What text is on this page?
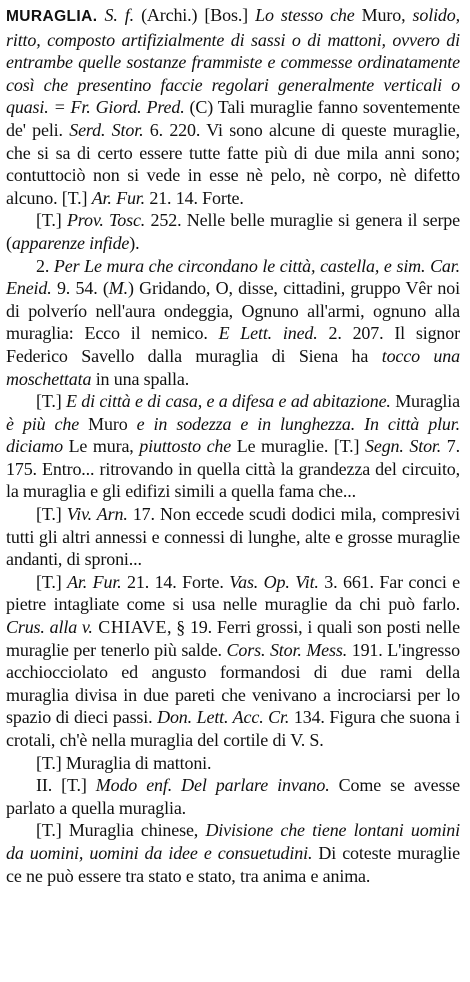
MURAGLIA. S. f. (Archi.) [Bos.] Lo stesso che Muro, solido, ritto, composto artifizialmente di sassi o di mattoni, ovvero di entrambe quelle sostanze frammiste e commesse ordinatamente così che presentino faccie regolari generalmente verticali o quasi. = Fr. Giord. Pred. (C) Tali muraglie fanno soventemente de' peli. Serd. Stor. 6. 220. Vi sono alcune di queste muraglie, che si sa di certo essere tutte fatte più di due mila anni sono; contuttociò non si vede in esse nè pelo, nè corpo, nè difetto alcuno. [T.] Ar. Fur. 21. 14. Forte.

[T.] Prov. Tosc. 252. Nelle belle muraglie si genera il serpe (apparenze infide).

2. Per Le mura che circondano le città, castella, e sim. Car. Eneid. 9. 54. (M.) Gridando, O, disse, cittadini, gruppo Vêr noi di polverío nell'aura ondeggia, Ognuno all'armi, ognuno alla muraglia: Ecco il nemico. E Lett. ined. 2. 207. Il signor Federico Savello dalla muraglia di Siena ha tocco una moschettata in una spalla.

[T.] E di città e di casa, e a difesa e ad abitazione. Muraglia è più che Muro e in sodezza e in lunghezza. In città plur. diciamo Le mura, piuttosto che Le muraglie. [T.] Segn. Stor. 7. 175. Entro... ritrovando in quella città la grandezza del circuito, la muraglia e gli edifizi simili a quella fama che...

[T.] Viv. Arn. 17. Non eccede scudi dodici mila, compresivi tutti gli altri annessi e connessi di lunghe, alte e grosse muraglie andanti, di sproni...

[T.] Ar. Fur. 21. 14. Forte. Vas. Op. Vit. 3. 661. Far conci e pietre intagliate come si usa nelle muraglie da chi può farlo. Crus. alla v. CHIAVE, § 19. Ferri grossi, i quali son posti nelle muraglie per tenerlo più salde. Cors. Stor. Mess. 191. L'ingresso acchiocciolato ed angusto formandosi di due rami della muraglia divisa in due pareti che venivano a incrociarsi per lo spazio di dieci passi. Don. Lett. Acc. Cr. 134. Figura che suona i crotali, ch'è nella muraglia del cortile di V. S.

[T.] Muraglia di mattoni.

II. [T.] Modo enf. Del parlare invano. Come se avesse parlato a quella muraglia.

[T.] Muraglia chinese, Divisione che tiene lontani uomini da uomini, uomini da idee e consuetudini. Di coteste muraglie ce ne può essere tra stato e stato, tra anima e anima.
